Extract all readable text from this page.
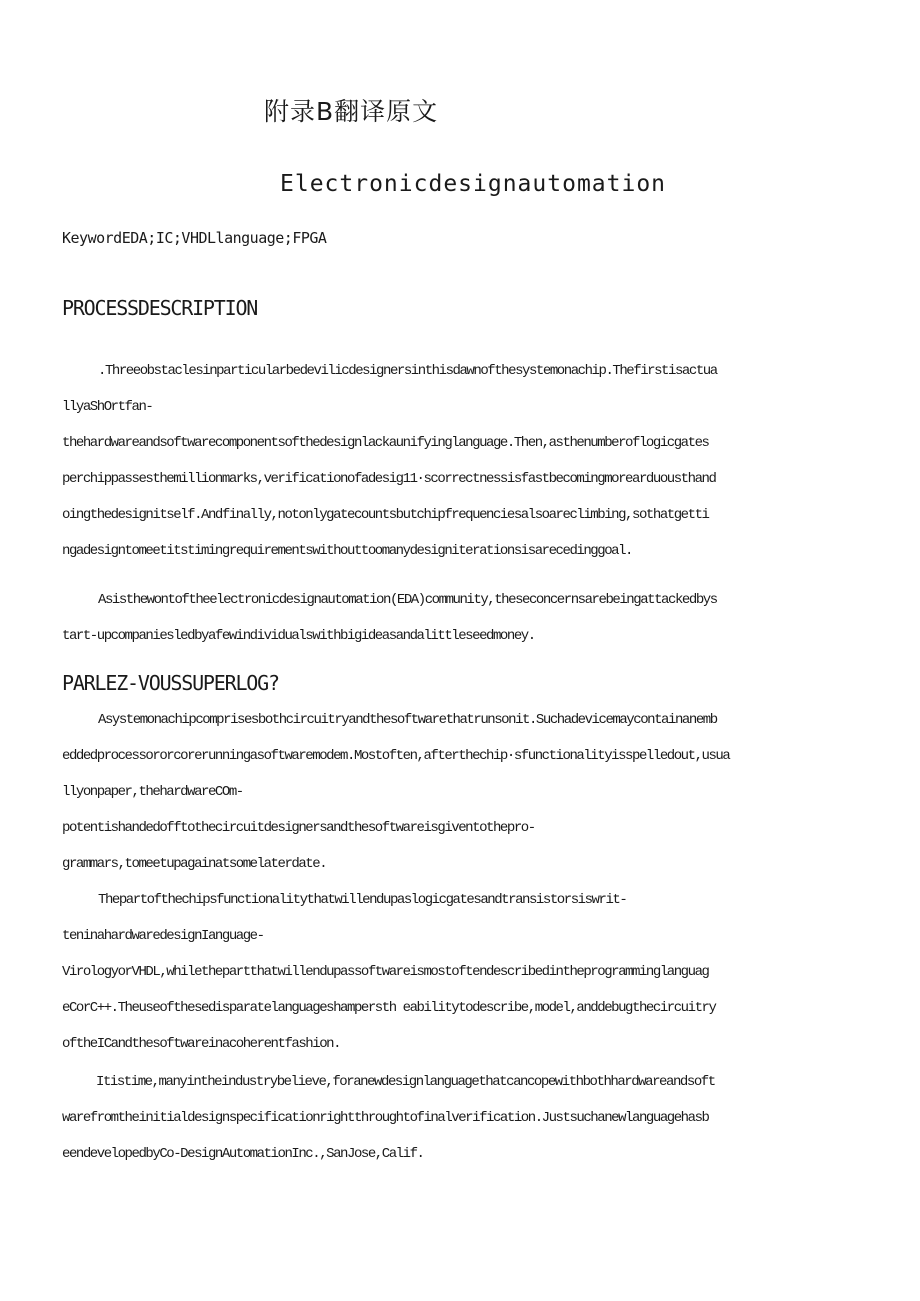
附录B翻译原文
Electronicdesignautomation
KeywordEDA;IC;VHDLlanguage;FPGA
PROCESSDESCRIPTION
.Threeobstaclesinparticularbedevilicdesignersinthisdawnofthesystemonachip.Thefirstisactua
llyaShOrtfan-
thehardwareandsoftwarecomponentsofthedesignlackaunifyinglanguage.Then,asthenumberoflogicgates
perchippassesthemillionmarks,verificationofadesig11·scorrectnessisfastbecomingmorearduousthand
oingthedesignitself.Andfinally,notonlygatecountsbutchipfrequenciesalsoareclimbing,sothatgetti
ngadesigntomeetitstimingrequirementswithouttoomanydesigniterationsisarecedinggoal.
Asisthewontoftheelectronicdesignautomation(EDA)community,theseconcernsarebeingattackedbys
tart-upcompaniesledbyafewindividualswithbigideasandalittleseedmoney.
PARLEZ-VOUSSUPERLOG?
Asystemonachipcomprisesbothcircuitryandthesoftwarethatrunsonit.Suchadevicemaycontainanemb
eddedprocessororcorerunningasoftwaremodem.Mostoften,afterthechip·sfunctionalityisspelledout,usua
llyonpaper,thehardwareCOm-
potentishandedofftothecircuitdesignersandthesoftwareisgiventothepro-
grammars,tomeetupagainatsomelaterdate.
Thepartofthechipsfunctionalitythatwillendupaslogicgatesandtransistorsiswrit-
teninahardwaredesignIanguage-
VirologyorVHDL,whilethepartthatwillendupassoftwareismostoftendescribedintheprogramminglanguag
eCorC++.Theuseofthesedisparatelanguageshampersth eabilitytodescribe,model,anddebugthecircuitry
oftheICandthesoftwareinacoherentfashion.
Itistime,manyintheindustrybelieve,foranewdesignlanguagethatcancopewithbothhardwareandsoft
warefromtheinitialdesignspecificationrightthroughtofinalverification.Justsuchanewlanguagehasb
eendevelopedbyCo-DesignAutomationInc.,SanJose,Calif.
